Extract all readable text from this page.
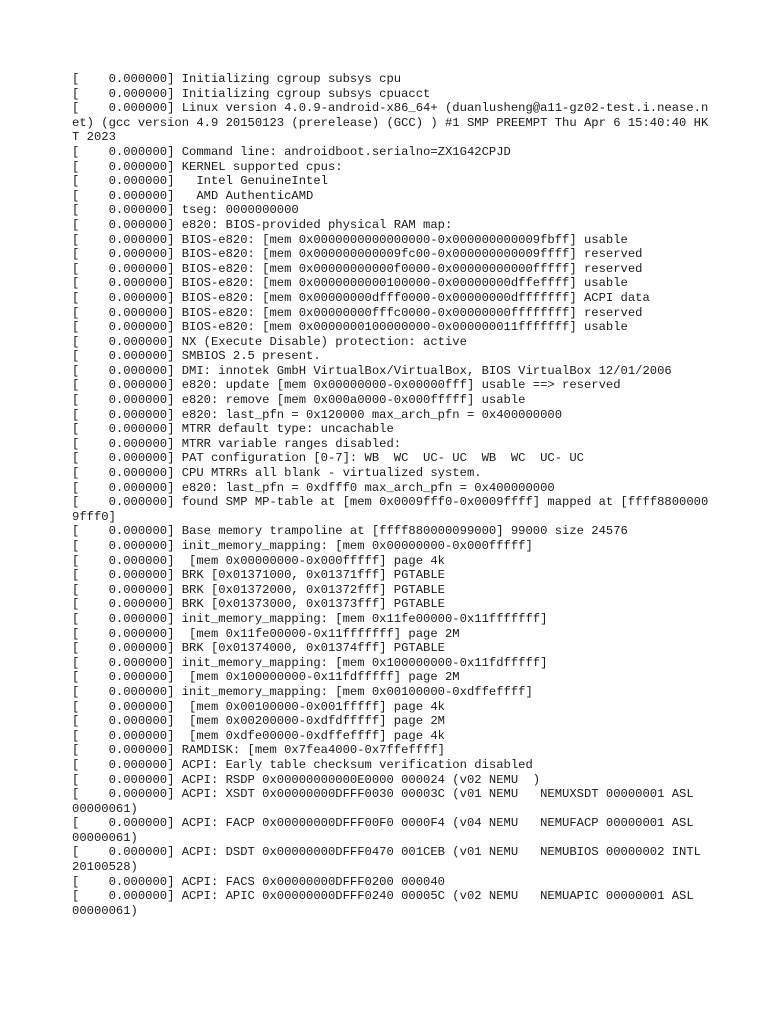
[    0.000000] Initializing cgroup subsys cpu
[    0.000000] Initializing cgroup subsys cpuacct
[    0.000000] Linux version 4.0.9-android-x86_64+ (duanlusheng@a11-gz02-test.i.nease.net) (gcc version 4.9 20150123 (prerelease) (GCC) ) #1 SMP PREEMPT Thu Apr 6 15:40:40 HKT 2023
[    0.000000] Command line: androidboot.serialno=ZX1G42CPJD
[    0.000000] KERNEL supported cpus:
[    0.000000]   Intel GenuineIntel
[    0.000000]   AMD AuthenticAMD
[    0.000000] tseg: 0000000000
[    0.000000] e820: BIOS-provided physical RAM map:
[    0.000000] BIOS-e820: [mem 0x0000000000000000-0x000000000009fbff] usable
[    0.000000] BIOS-e820: [mem 0x000000000009fc00-0x000000000009ffff] reserved
[    0.000000] BIOS-e820: [mem 0x00000000000f0000-0x00000000000fffff] reserved
[    0.000000] BIOS-e820: [mem 0x0000000000100000-0x00000000dffeffff] usable
[    0.000000] BIOS-e820: [mem 0x00000000dfff0000-0x00000000dfffffff] ACPI data
[    0.000000] BIOS-e820: [mem 0x00000000fffc0000-0x00000000ffffffff] reserved
[    0.000000] BIOS-e820: [mem 0x0000000100000000-0x000000011fffffff] usable
[    0.000000] NX (Execute Disable) protection: active
[    0.000000] SMBIOS 2.5 present.
[    0.000000] DMI: innotek GmbH VirtualBox/VirtualBox, BIOS VirtualBox 12/01/2006
[    0.000000] e820: update [mem 0x00000000-0x00000fff] usable ==> reserved
[    0.000000] e820: remove [mem 0x000a0000-0x000fffff] usable
[    0.000000] e820: last_pfn = 0x120000 max_arch_pfn = 0x400000000
[    0.000000] MTRR default type: uncachable
[    0.000000] MTRR variable ranges disabled:
[    0.000000] PAT configuration [0-7]: WB  WC  UC- UC  WB  WC  UC- UC
[    0.000000] CPU MTRRs all blank - virtualized system.
[    0.000000] e820: last_pfn = 0xdfff0 max_arch_pfn = 0x400000000
[    0.000000] found SMP MP-table at [mem 0x0009fff0-0x0009ffff] mapped at [ffff88000009fff0]
[    0.000000] Base memory trampoline at [ffff880000099000] 99000 size 24576
[    0.000000] init_memory_mapping: [mem 0x00000000-0x000fffff]
[    0.000000]  [mem 0x00000000-0x000fffff] page 4k
[    0.000000] BRK [0x01371000, 0x01371fff] PGTABLE
[    0.000000] BRK [0x01372000, 0x01372fff] PGTABLE
[    0.000000] BRK [0x01373000, 0x01373fff] PGTABLE
[    0.000000] init_memory_mapping: [mem 0x11fe00000-0x11fffffff]
[    0.000000]  [mem 0x11fe00000-0x11fffffff] page 2M
[    0.000000] BRK [0x01374000, 0x01374fff] PGTABLE
[    0.000000] init_memory_mapping: [mem 0x100000000-0x11fdfffff]
[    0.000000]  [mem 0x100000000-0x11fdfffff] page 2M
[    0.000000] init_memory_mapping: [mem 0x00100000-0xdffeffff]
[    0.000000]  [mem 0x00100000-0x001fffff] page 4k
[    0.000000]  [mem 0x00200000-0xdfdfffff] page 2M
[    0.000000]  [mem 0xdfe00000-0xdffeffff] page 4k
[    0.000000] RAMDISK: [mem 0x7fea4000-0x7ffeffff]
[    0.000000] ACPI: Early table checksum verification disabled
[    0.000000] ACPI: RSDP 0x00000000000E0000 000024 (v02 NEMU  )
[    0.000000] ACPI: XSDT 0x00000000DFFF0030 00003C (v01 NEMU   NEMUXSDT 00000001 ASL  00000061)
[    0.000000] ACPI: FACP 0x00000000DFFF00F0 0000F4 (v04 NEMU   NEMUFACP 00000001 ASL  00000061)
[    0.000000] ACPI: DSDT 0x00000000DFFF0470 001CEB (v01 NEMU   NEMUBIOS 00000002 INTL 20100528)
[    0.000000] ACPI: FACS 0x00000000DFFF0200 000040
[    0.000000] ACPI: APIC 0x00000000DFFF0240 00005C (v02 NEMU   NEMUAPIC 00000001 ASL  00000061)
